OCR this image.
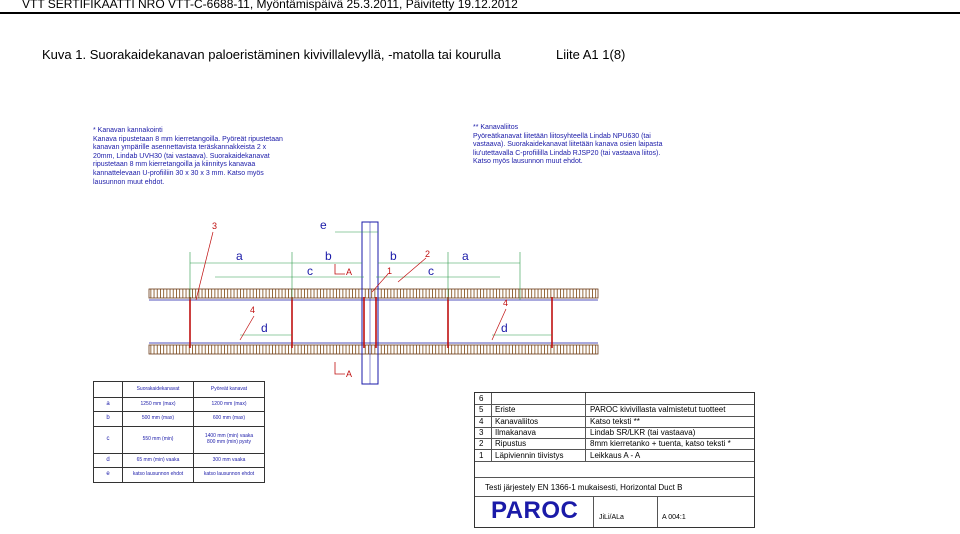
VTT SERTIFIKAATTI NRO VTT-C-6688-11, Myöntämispäivä 25.3.2011, Päivitetty 19.12.2012
Kuva 1. Suorakaidekanavan paloeristäminen kivivillalevyllä, -matolla tai kourulla	Liite A1 1(8)
* Kanavan kannakointi
Kanava ripustetaan 8 mm kierretangoilla. Pyöreät ripustetaan
kanavan ympärille asennettavista teräskannakkeista 2 x
20mm, Lindab UVH30 (tai vastaava). Suorakaidekanavat
ripustetaan 8 mm kierretangoilla ja kiinnitys kanavaa
kannattelevaan U-profiiliin 30 x 30 x 3 mm. Katso myös
lausunnon muut ehdot.
** Kanavaliitos
Pyöreätkanavat liitetään liitosyhteellä Lindab NPU630 (tai
vastaava). Suorakaidekanavat liitetään kanava osien laipasta
liu'utettavalla C-profiililla Lindab RJSP20 (tai vastaava liitos).
Katso myös lausunnon muut ehdot.
a	b
c
e
b
c
a
d	d
3
4
4
1
2
A
A
	Suorakaidekanavat	Pyöreät kanavat
a	1250 mm (max)	1200 mm (max)
b	500 mm (max)	600 mm (max)
c	550 mm (min)	1400 mm (min) vaaka
800 mm (min) pysty
d	65 mm (min) vaaka	300 mm vaaka
e	katso lausunnon ehdot	katso lausunnon ehdot
6
5 Eriste	PAROC kivivillasta valmistetut tuotteet
4 Kanavaliitos	Katso teksti **
3 Ilmakanava	Lindab SR/LKR (tai vastaava)
2 Ripustus	8mm kierretanko + tuenta, katso teksti *
1 Läpiviennin tiivistys	Leikkaus A - A
Testi järjestely EN 1366-1 mukaisesti, Horizontal Duct B
PAROC	JiLi/ALa	A 004:1
